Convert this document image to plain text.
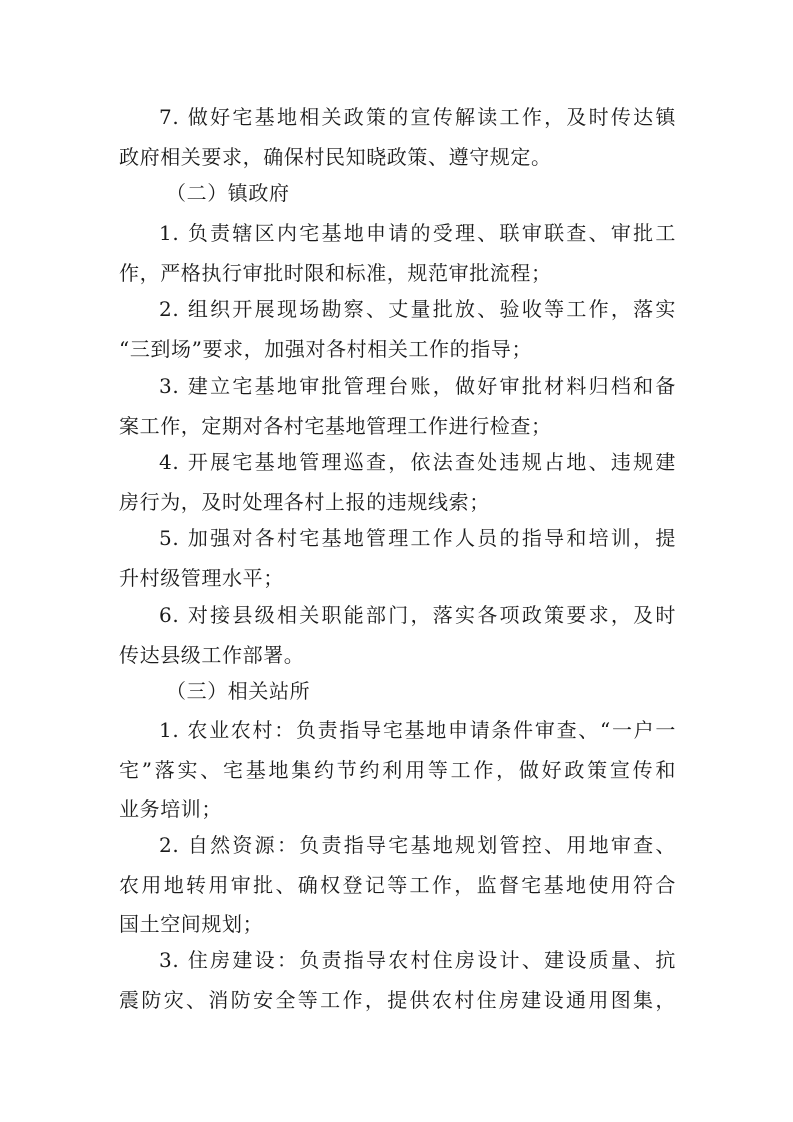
7. 做好宅基地相关政策的宣传解读工作，及时传达镇
政府相关要求，确保村民知晓政策、遵守规定。
（二）镇政府
1. 负责辖区内宅基地申请的受理、联审联查、审批工
作，严格执行审批时限和标准，规范审批流程；
2. 组织开展现场勘察、丈量批放、验收等工作，落实
“三到场”要求，加强对各村相关工作的指导；
3. 建立宅基地审批管理台账，做好审批材料归档和备
案工作，定期对各村宅基地管理工作进行检查；
4. 开展宅基地管理巡查，依法查处违规占地、违规建
房行为，及时处理各村上报的违规线索；
5. 加强对各村宅基地管理工作人员的指导和培训，提
升村级管理水平；
6. 对接县级相关职能部门，落实各项政策要求，及时
传达县级工作部署。
（三）相关站所
1. 农业农村：负责指导宅基地申请条件审查、“一户一
宅”落实、宅基地集约节约利用等工作，做好政策宣传和
业务培训；
2. 自然资源：负责指导宅基地规划管控、用地审查、
农用地转用审批、确权登记等工作，监督宅基地使用符合
国土空间规划；
3. 住房建设：负责指导农村住房设计、建设质量、抗
震防灾、消防安全等工作，提供农村住房建设通用图集，
